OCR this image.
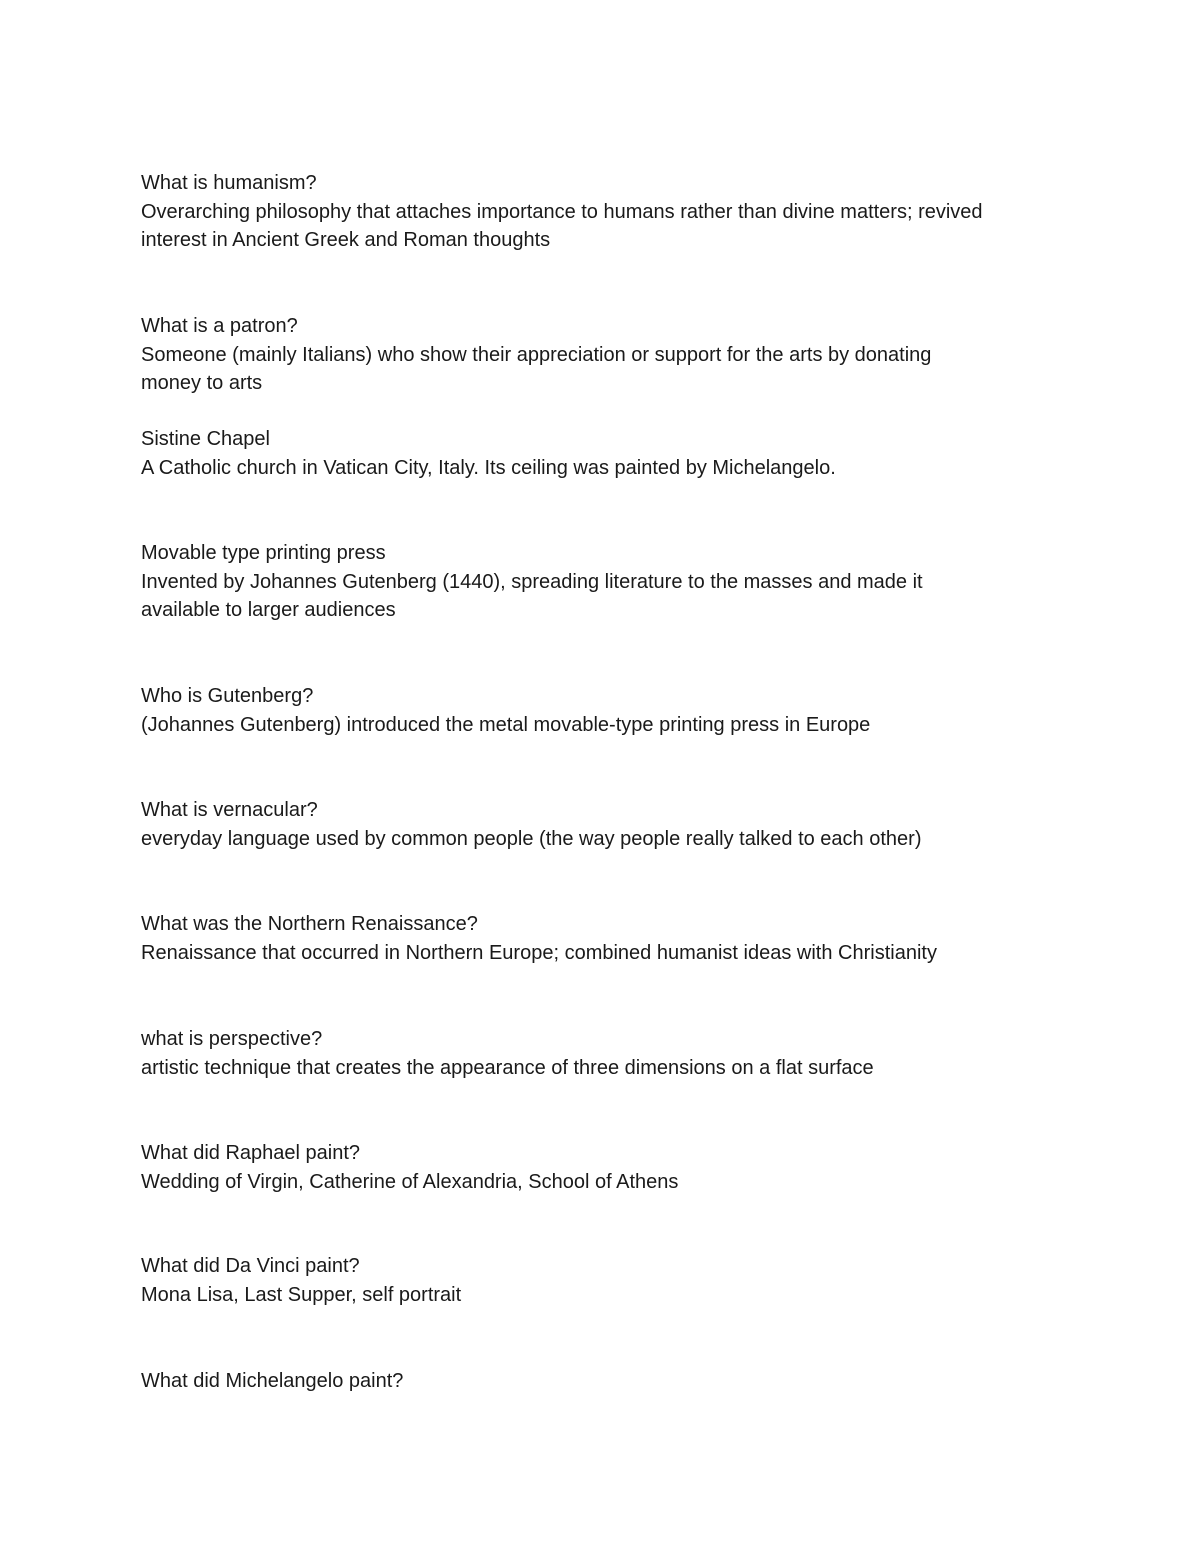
What is humanism?

Overarching philosophy that attaches importance to humans rather than divine matters; revived

interest in Ancient Greek and Roman thoughts

What is a patron?

Someone (mainly Italians) who show their appreciation or support for the arts by donating

money to arts

Sistine Chapel

A Catholic church in Vatican City, Italy. Its ceiling was painted by Michelangelo.

Movable type printing press

Invented by Johannes Gutenberg (1440), spreading literature to the masses and made it

available to larger audiences

Who is Gutenberg?

(Johannes Gutenberg) introduced the metal movable-type printing press in Europe

What is vernacular?

everyday language used by common people (the way people really talked to each other)

What was the Northern Renaissance?

Renaissance that occurred in Northern Europe; combined humanist ideas with Christianity

what is perspective?

artistic technique that creates the appearance of three dimensions on a flat surface

What did Raphael paint?

Wedding of Virgin, Catherine of Alexandria, School of Athens

What did Da Vinci paint?

Mona Lisa, Last Supper, self portrait

What did Michelangelo paint?
